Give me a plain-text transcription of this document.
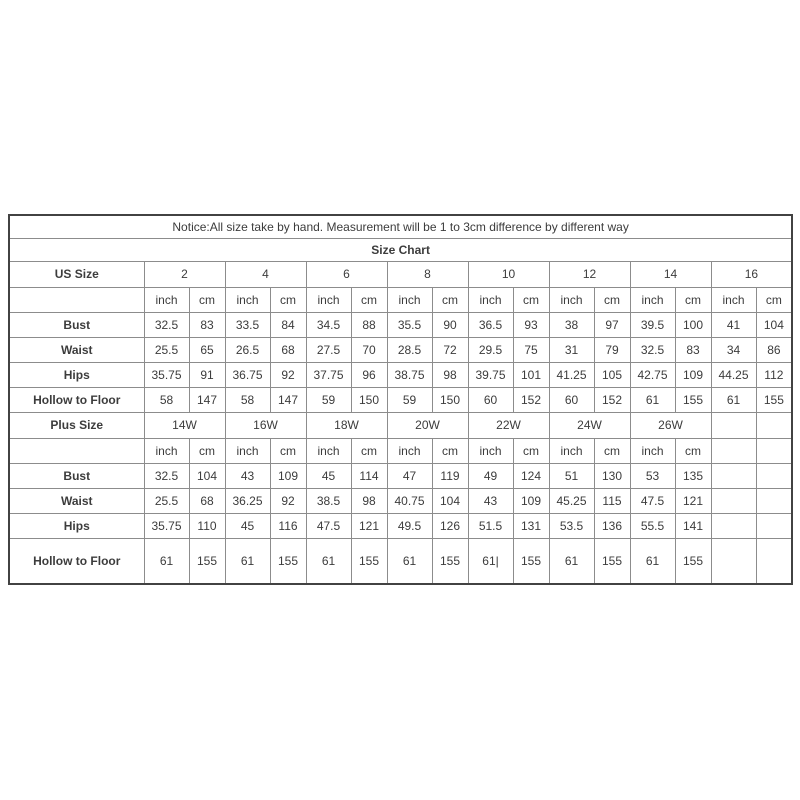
Notice:All size take by hand. Measurement will be 1 to 3cm difference by different way																
Size Chart																
US Size	2		4		6		8		10		12		14		16	
	inch	cm	inch	cm	inch	cm	inch	cm	inch	cm	inch	cm	inch	cm	inch	cm
Bust	32.5	83	33.5	84	34.5	88	35.5	90	36.5	93	38	97	39.5	100	41	104
Waist	25.5	65	26.5	68	27.5	70	28.5	72	29.5	75	31	79	32.5	83	34	86
Hips	35.75	91	36.75	92	37.75	96	38.75	98	39.75	101	41.25	105	42.75	109	44.25	112
Hollow to Floor	58	147	58	147	59	150	59	150	60	152	60	152	61	155	61	155
Plus Size	14W		16W		18W		20W		22W		24W		26W			
	inch	cm	inch	cm	inch	cm	inch	cm	inch	cm	inch	cm	inch	cm		
Bust	32.5	104	43	109	45	114	47	119	49	124	51	130	53	135		
Waist	25.5	68	36.25	92	38.5	98	40.75	104	43	109	45.25	115	47.5	121		
Hips	35.75	110	45	116	47.5	121	49.5	126	51.5	131	53.5	136	55.5	141		
Hollow to Floor	61	155	61	155	61	155	61	155	61|	155	61	155	61	155		
